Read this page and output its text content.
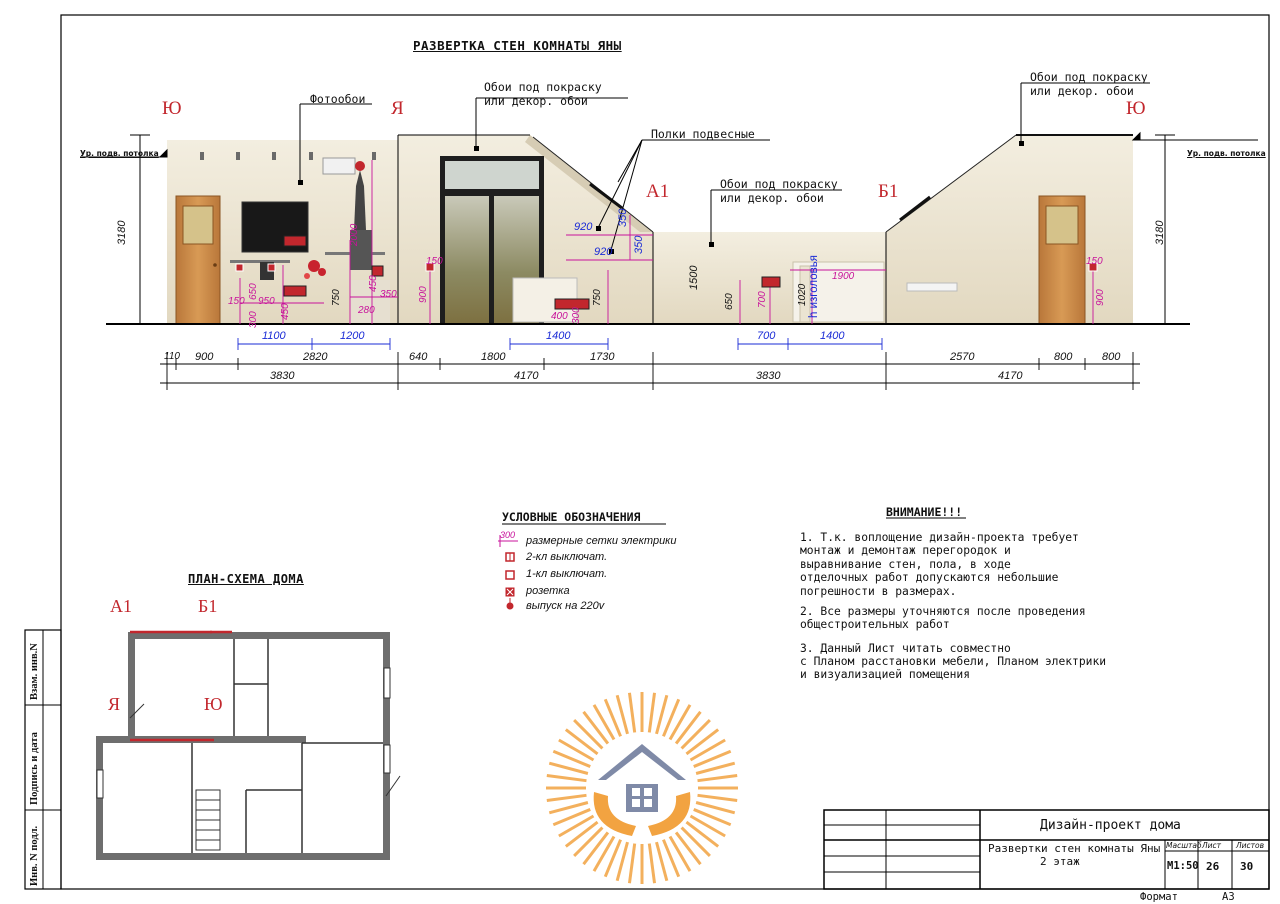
РАЗВЕРТКА СТЕН КОМНАТЫ ЯНЫ
Фотообои
Обои под покраску
или декор. обои
Полки подвесные
Обои под покраску
или декор. обои
Обои под покраску
или декор. обои
Ур. подв. потолка	Ур. подв. потолка
h изголовья
Ю	Я
А1	Б1
Ю
3180	3180
1500
150
300
650
950
450
750
280
350
450
2000
150
900
920
920
350
350
400 300
750	650 700	1020
1900
150
900
1100	1200	1400	700	1400
110 900	2820	640	1800	1730	2570	800	800
3830	4170	3830	4170
УСЛОВНЫЕ ОБОЗНАЧЕНИЯ
300 размерные сетки электрики
2-кл выключат.
1-кл выключат.
розетка
выпуск на 220v
ВНИМАНИЕ!!!
1. Т.к. воплощение дизайн-проекта требует
монтаж и демонтаж перегородок и
выравнивание стен, пола, в ходе
отделочных работ допускаются небольшие
погрешности в размерах.
2. Все размеры уточняются после проведения
общестроительных работ
3. Данный Лист читать совместно
с Планом расстановки мебели, Планом электрики
и визуализацией помещения
ПЛАН-СХЕМА ДОМА
А1	Б1
Я	Ю
Взам. инв.N
Подпись и дата
Инв. N подл.
Дизайн-проект дома
Развертки стен комнаты Яны
2 этаж
Масштаб Лист Листов
М1:50 26 30
Формат	А3
